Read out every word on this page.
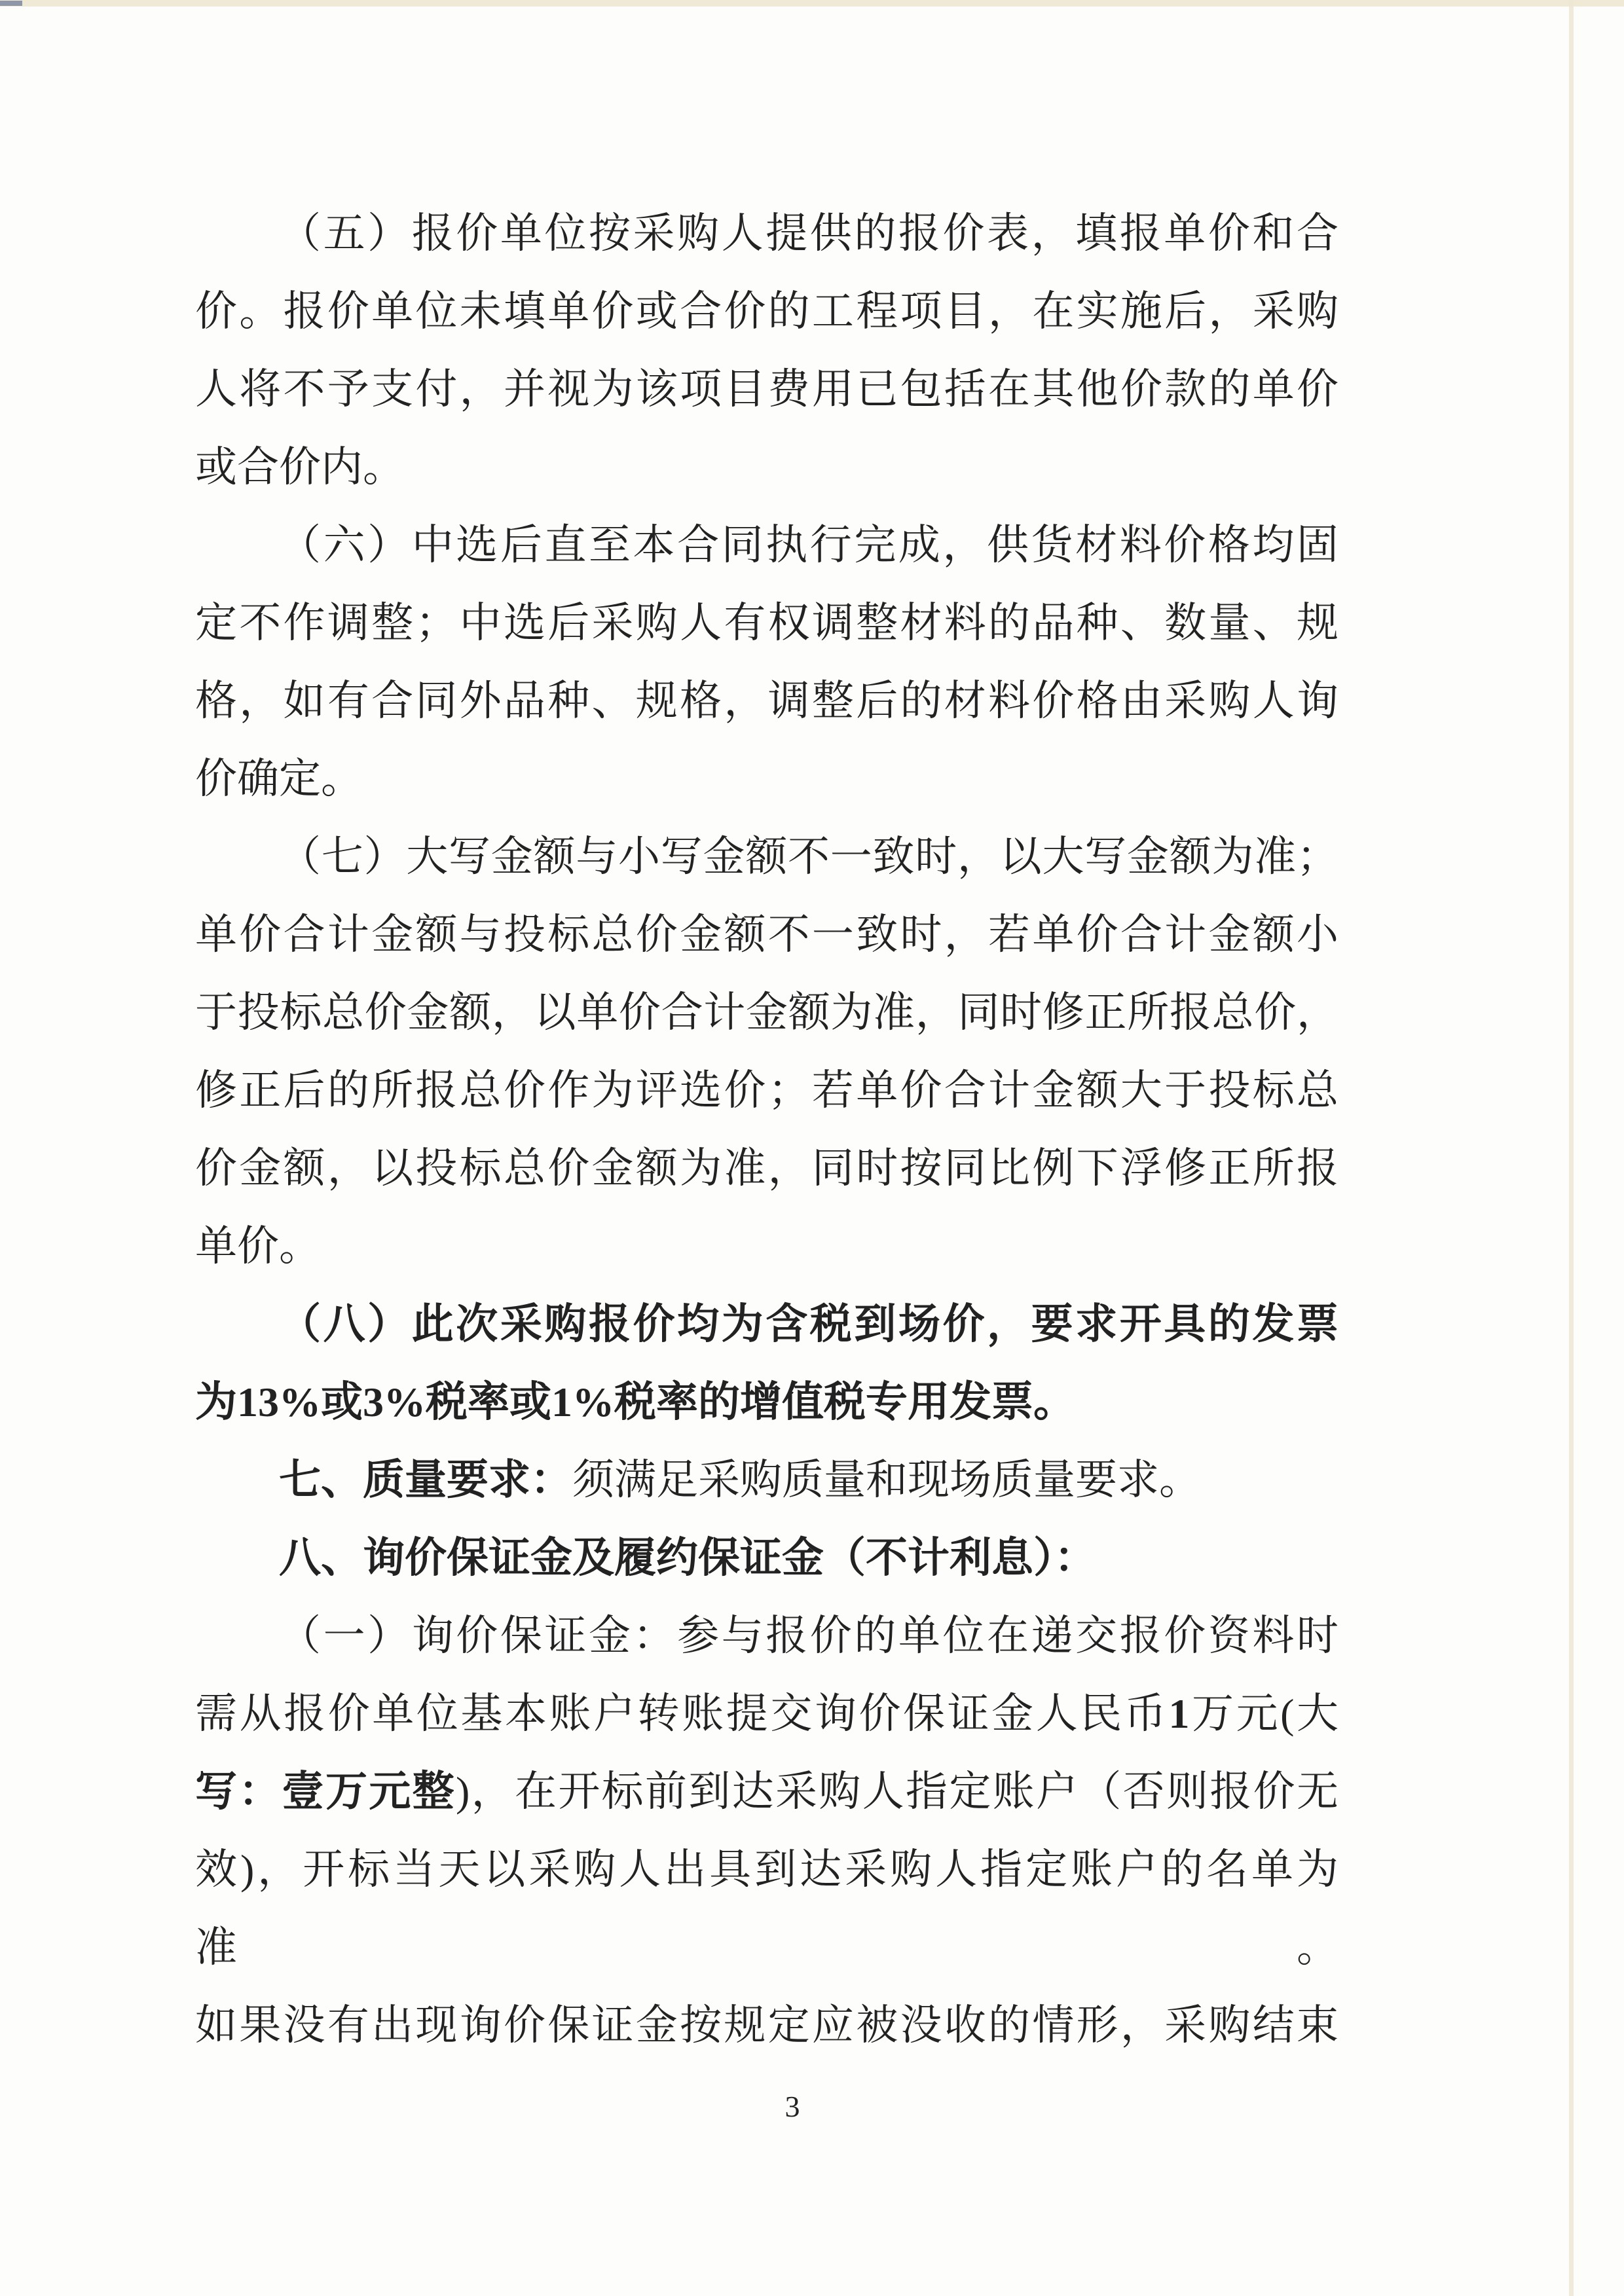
（五）报价单位按采购人提供的报价表，填报单价和合
价。报价单位未填单价或合价的工程项目，在实施后，采购
人将不予支付，并视为该项目费用已包括在其他价款的单价
或合价内。
（六）中选后直至本合同执行完成，供货材料价格均固
定不作调整；中选后采购人有权调整材料的品种、数量、规
格，如有合同外品种、规格，调整后的材料价格由采购人询
价确定。
（七）大写金额与小写金额不一致时，以大写金额为准；
单价合计金额与投标总价金额不一致时，若单价合计金额小
于投标总价金额，以单价合计金额为准，同时修正所报总价，
修正后的所报总价作为评选价；若单价合计金额大于投标总
价金额，以投标总价金额为准，同时按同比例下浮修正所报
单价。
（八）此次采购报价均为含税到场价，要求开具的发票
为13%或3%税率或1%税率的增值税专用发票。
七、质量要求：须满足采购质量和现场质量要求。
八、询价保证金及履约保证金（不计利息）：
（一）询价保证金：参与报价的单位在递交报价资料时
需从报价单位基本账户转账提交询价保证金人民币1万元(大
写：壹万元整)，在开标前到达采购人指定账户（否则报价无
效)，开标当天以采购人出具到达采购人指定账户的名单为准。
如果没有出现询价保证金按规定应被没收的情形，采购结束
3
